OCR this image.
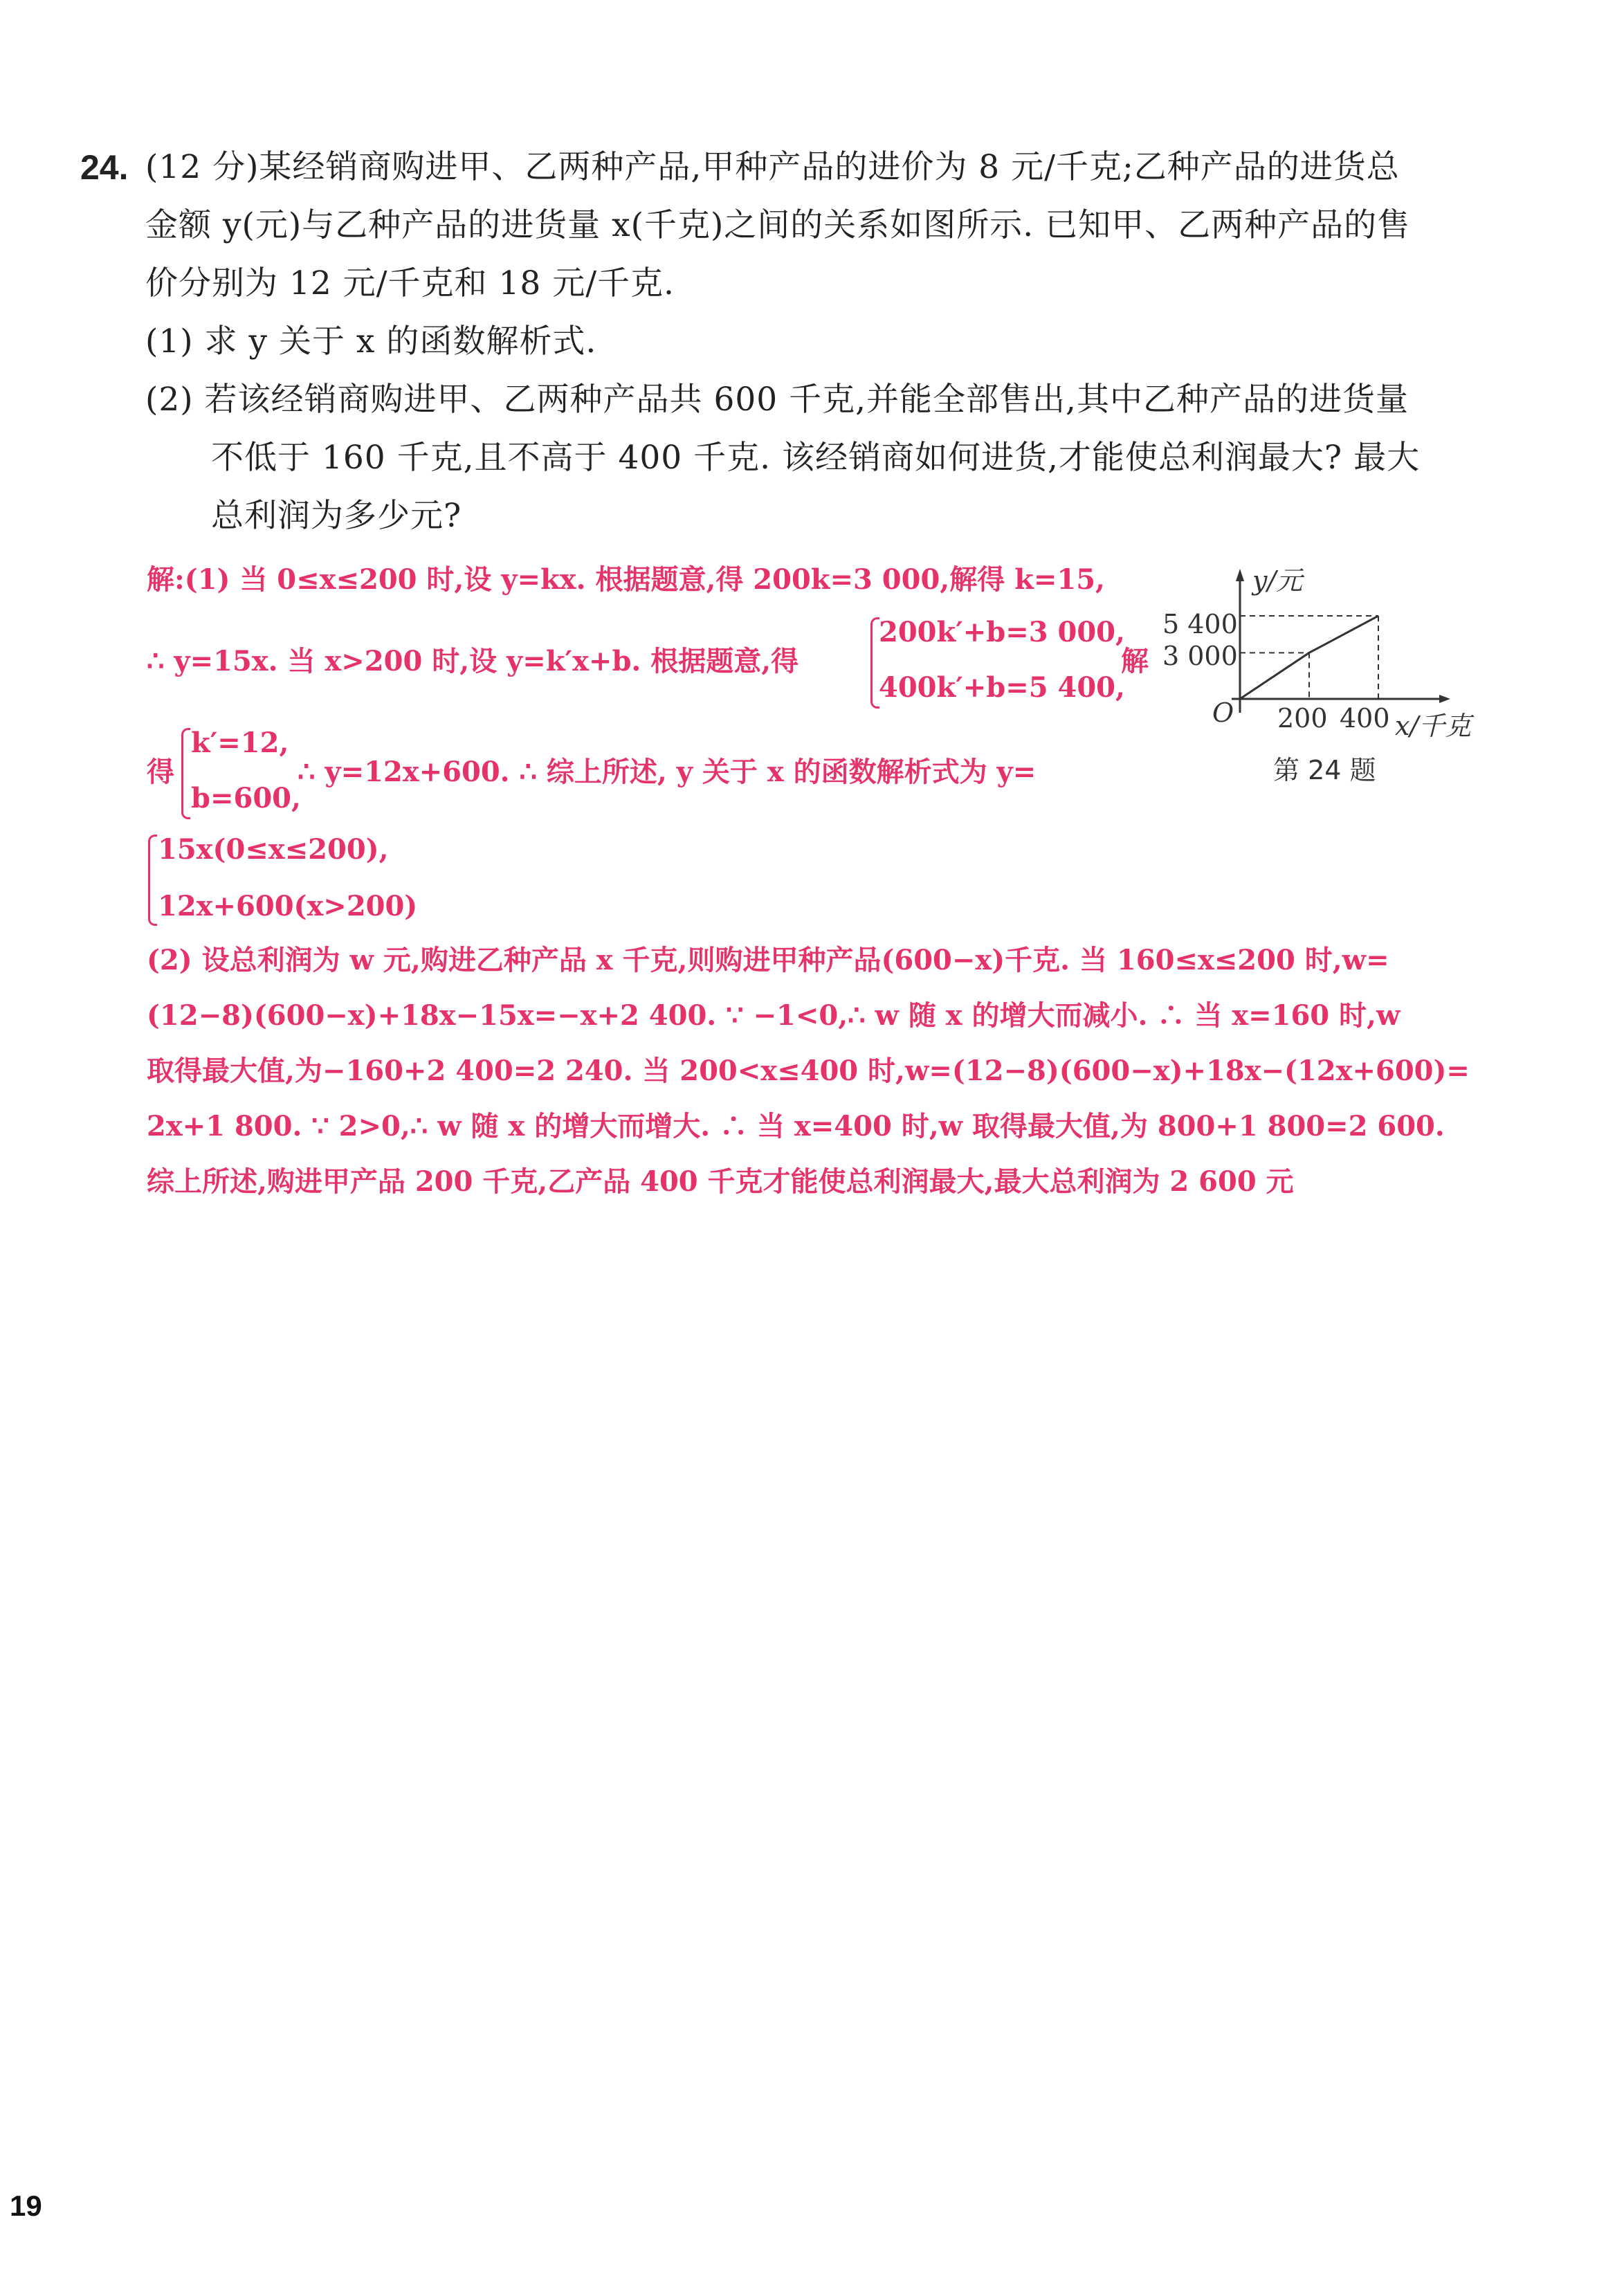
24. (12 分)某经销商购进甲、乙两种产品,甲种产品的进价为 8 元/千克;乙种产品的进货总
金额 y(元)与乙种产品的进货量 x(千克)之间的关系如图所示. 已知甲、乙两种产品的售
价分别为 12 元/千克和 18 元/千克.
(1) 求 y 关于 x 的函数解析式.
(2) 若该经销商购进甲、乙两种产品共 600 千克,并能全部售出,其中乙种产品的进货量
不低于 160 千克,且不高于 400 千克. 该经销商如何进货,才能使总利润最大? 最大
总利润为多少元?
解:(1) 当 0≤x≤200 时,设 y=kx. 根据题意,得 200k=3 000,解得 k=15,
∴ y=15x. 当 x>200 时,设 y=k′x+b. 根据题意,得
200k′+b=3 000,
400k′+b=5 400,
解
得
k′=12,
b=600,
∴ y=12x+600. ∴ 综上所述, y 关于 x 的函数解析式为 y=
15x(0≤x≤200),
12x+600(x>200)
(2) 设总利润为 w 元,购进乙种产品 x 千克,则购进甲种产品(600−x)千克. 当 160≤x≤200 时,w=
(12−8)(600−x)+18x−15x=−x+2 400. ∵ −1<0,∴ w 随 x 的增大而减小. ∴ 当 x=160 时,w
取得最大值,为−160+2 400=2 240. 当 200<x≤400 时,w=(12−8)(600−x)+18x−(12x+600)=
2x+1 800. ∵ 2>0,∴ w 随 x 的增大而增大. ∴ 当 x=400 时,w 取得最大值,为 800+1 800=2 600.
综上所述,购进甲产品 200 千克,乙产品 400 千克才能使总利润最大,最大总利润为 2 600 元
y/元
5 400
3 000
O 200 400 x/千克
第 24 题
19
